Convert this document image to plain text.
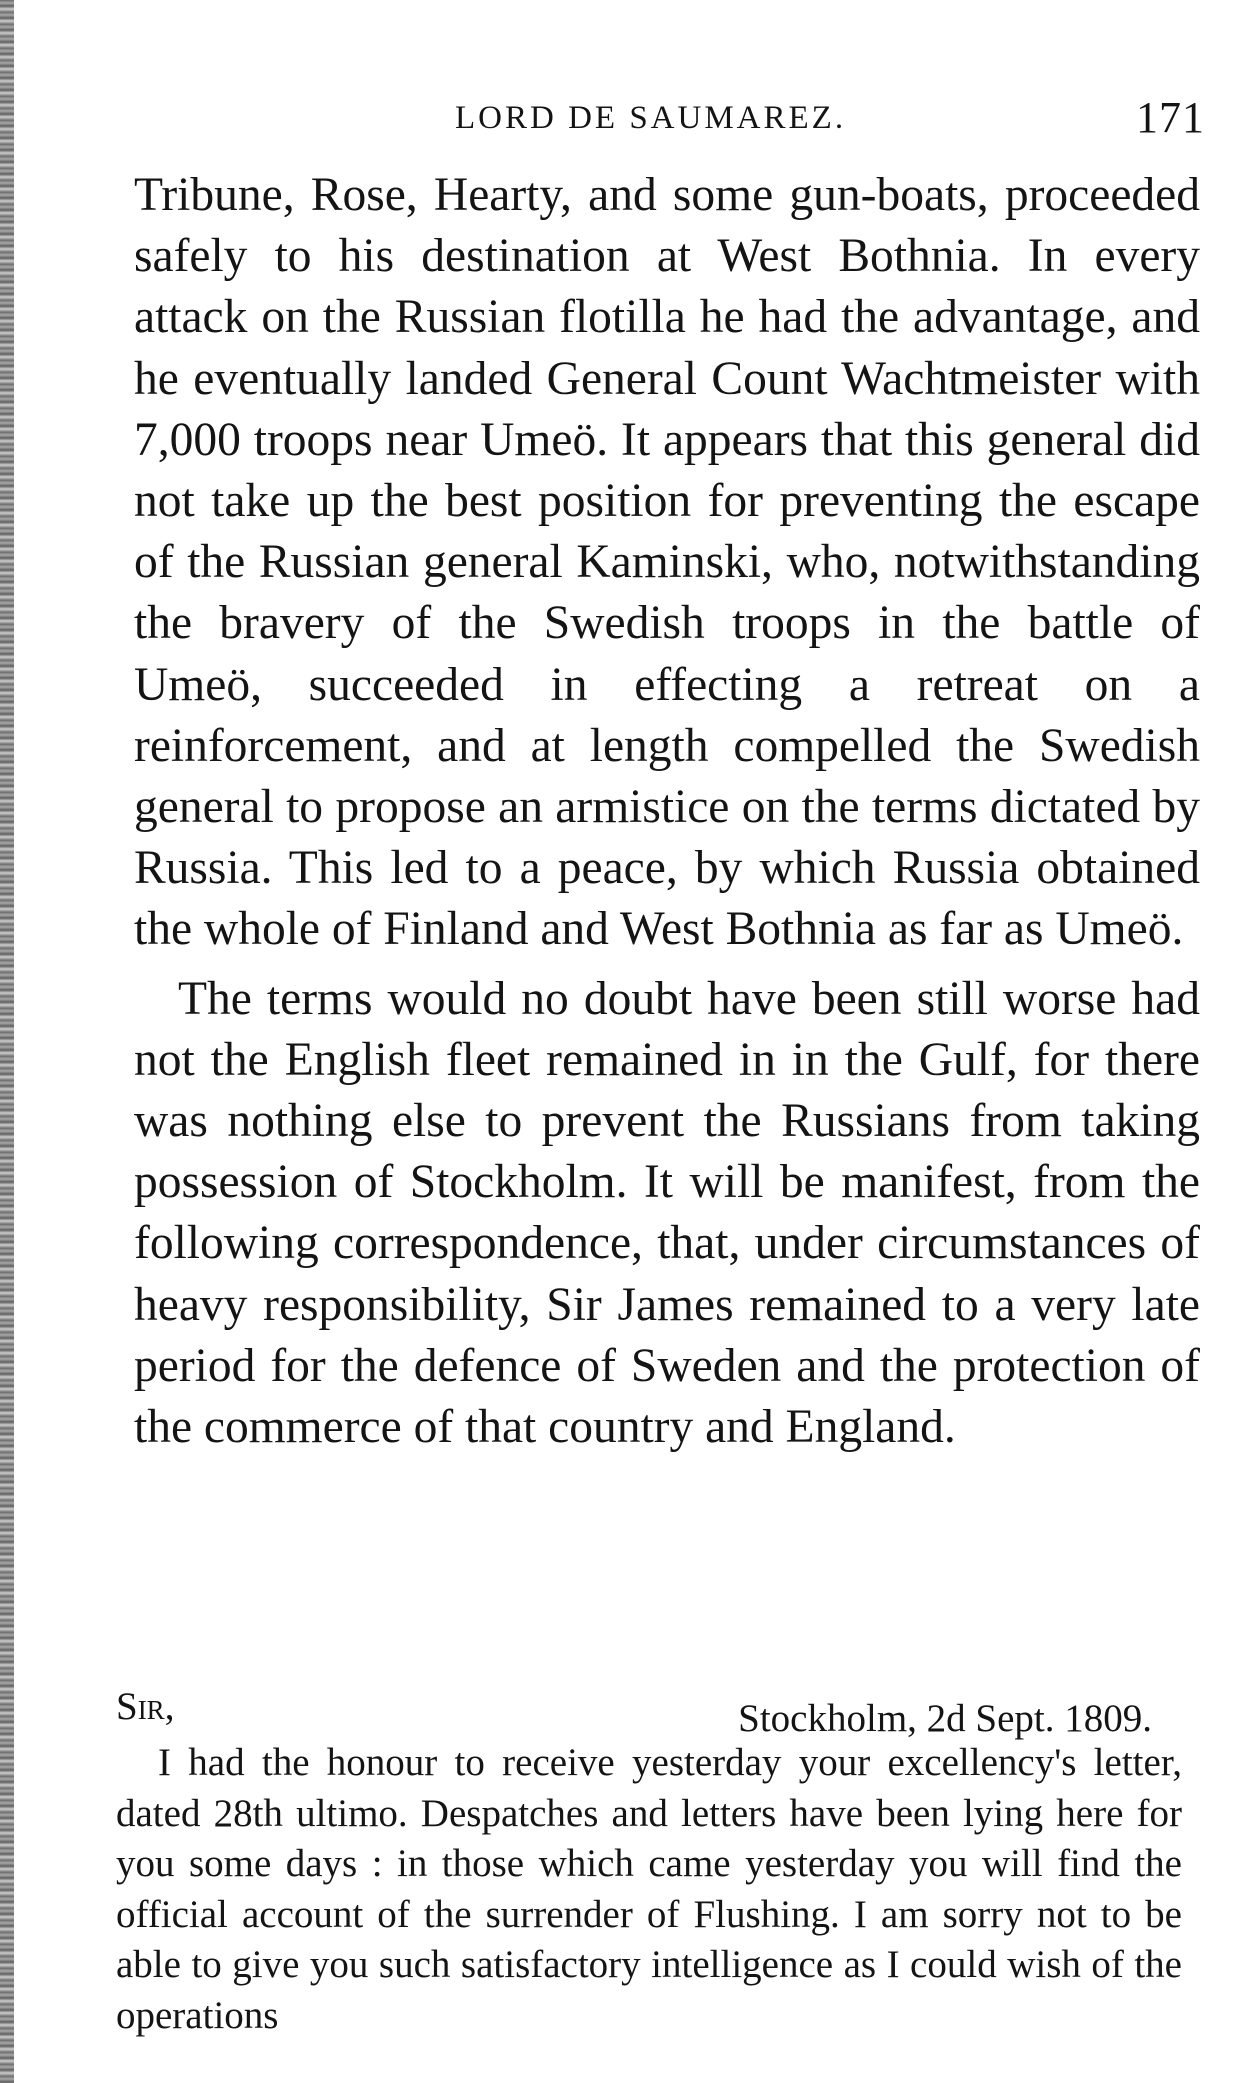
LORD DE SAUMAREZ.	171

Tribune, Rose, Hearty, and some gun-boats, proceeded safely to his destination at West Bothnia. In every attack on the Russian flotilla he had the advantage, and he eventually landed General Count Wachtmeister with 7,000 troops near Umeö. It appears that this general did not take up the best position for preventing the escape of the Russian general Kaminski, who, notwithstanding the bravery of the Swedish troops in the battle of Umeö, succeeded in effecting a retreat on a reinforcement, and at length compelled the Swedish general to propose an armistice on the terms dictated by Russia. This led to a peace, by which Russia obtained the whole of Finland and West Bothnia as far as Umeö.

The terms would no doubt have been still worse had not the English fleet remained in in the Gulf, for there was nothing else to prevent the Russians from taking possession of Stockholm. It will be manifest, from the following correspondence, that, under circumstances of heavy responsibility, Sir James remained to a very late period for the defence of Sweden and the protection of the commerce of that country and England.

Sir,	Stockholm, 2d Sept. 1809.

I had the honour to receive yesterday your excellency's letter, dated 28th ultimo. Despatches and letters have been lying here for you some days : in those which came yesterday you will find the official account of the surrender of Flushing. I am sorry not to be able to give you such satisfactory intelligence as I could wish of the operations
